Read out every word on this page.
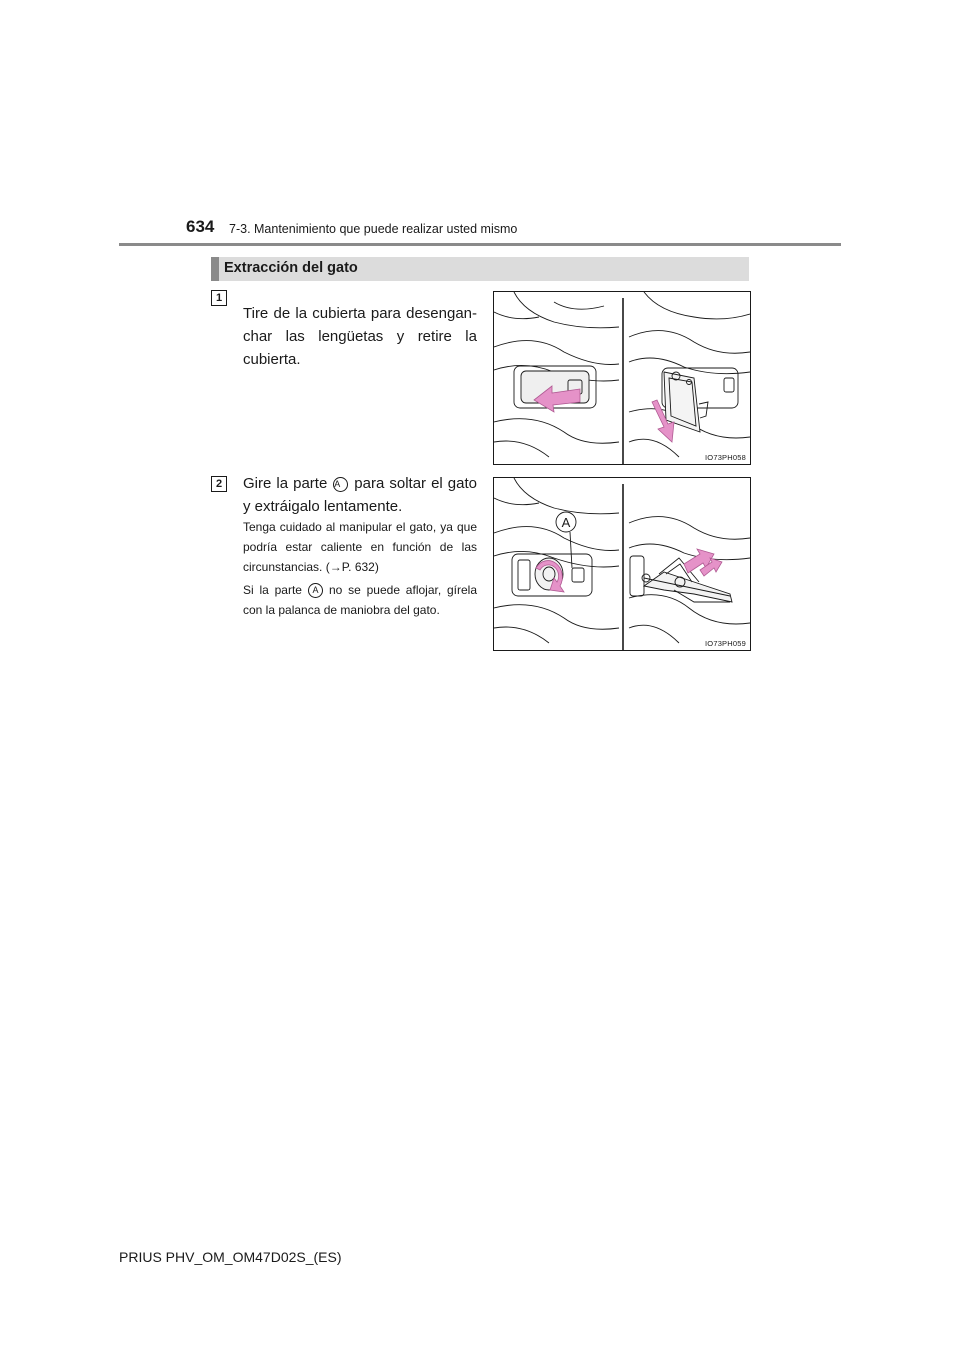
634 7-3. Mantenimiento que puede realizar usted mismo
Extracción del gato
1
Tire de la cubierta para desengan-
char las lengüetas y retire la
cubierta.
IO73PH058
2	Gire la parte A para soltar el gato
y extráigalo lentamente.
Tenga cuidado al manipular el gato, ya que podría estar caliente en función de las circunstancias. (→P. 632)
Si la parte A no se puede aflojar, gírela con la palanca de maniobra del gato.
A
IO73PH059
PRIUS PHV_OM_OM47D02S_(ES)
